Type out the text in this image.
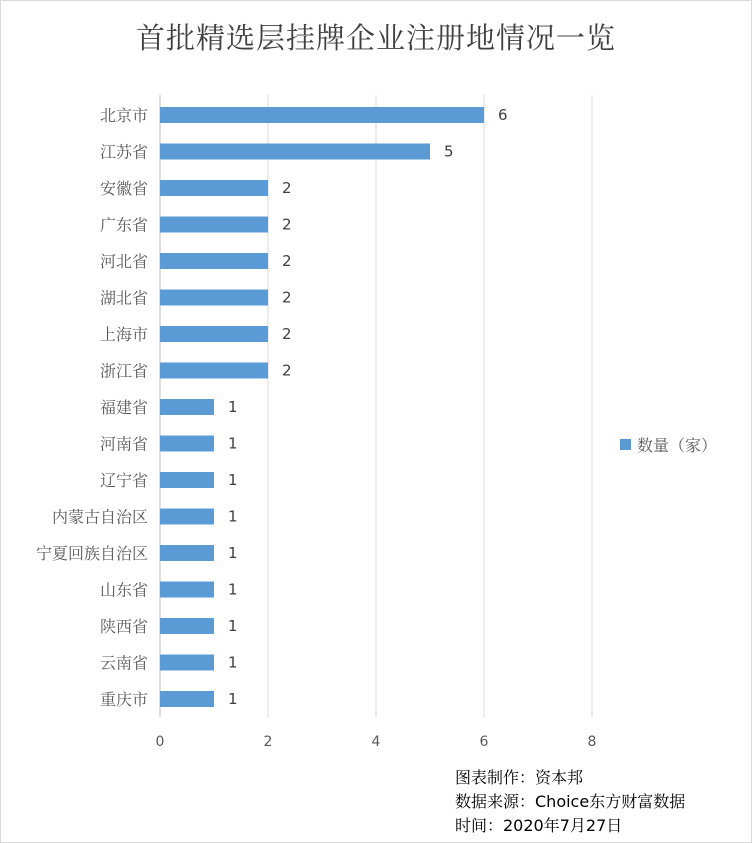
首批精选层挂牌企业注册地情况一览
0	2	4	6	8
北京市	6
江苏省	5
安徽省	2
广东省	2
河北省	2
湖北省	2
上海市	2
浙江省	2
福建省	1
河南省	1
辽宁省	1
内蒙古自治区	1
宁夏回族自治区	1
山东省	1
陕西省	1
云南省	1
重庆市	1
数量（家）
图表制作：资本邦
数据来源：Choice东方财富数据
时间：2020年7月27日
